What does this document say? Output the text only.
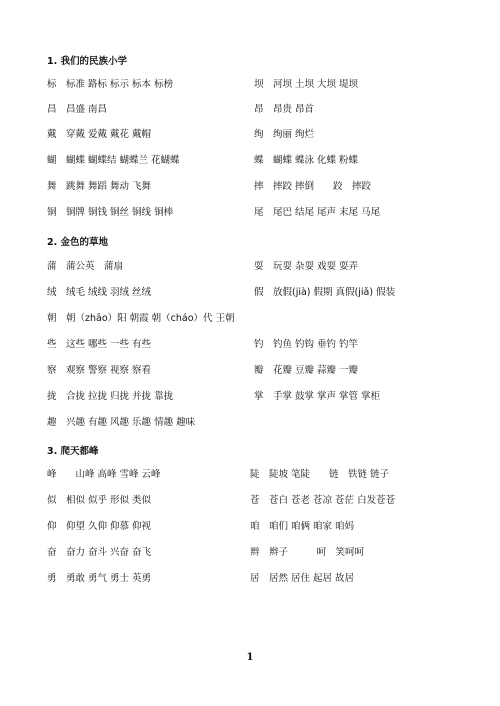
1. 我们的民族小学
标　标准 路标 标示 标本 标榜	坝　河坝 土坝 大坝 堤坝
昌　昌盛 南昌	昂　昂贵 昂首
戴　穿戴 爱戴 戴花 戴帽	绚　绚丽 绚烂
蝴　蝴蝶 蝴蝶结 蝴蝶兰 花蝴蝶	蝶　蝴蝶 蝶泳 化蝶 粉蝶
舞　跳舞 舞蹈 舞动 飞舞	摔　摔跤 摔倒　　跤　摔跤
铜　铜牌 铜钱 铜丝 铜线 铜棒	尾　尾巴 结尾 尾声 末尾 马尾
2. 金色的草地
蒲　蒲公英　蒲扇	耍　玩耍 杂耍 戏耍 耍弄
绒　绒毛 绒线 羽绒 丝绒	假　放假(jià) 假期 真假(jiǎ) 假装
朝　朝（zhāo）阳 朝霞 朝（cháo）代 王朝
些　这些 哪些 一些 有些	钓　钓鱼 钓钩 垂钓 钓竿
察　观察 警察 视察 察看	瓣　花瓣 豆瓣 蒜瓣 一瓣
拢　合拢 拉拢 归拢 并拢 靠拢	掌　手掌 鼓掌 掌声 掌管 掌柜
趣　兴趣 有趣 风趣 乐趣 情趣 趣味
3. 爬天都峰
峰　　山峰 高峰 雪峰 云峰	陡　陡坡 笔陡　　链　铁链 链子
似　相似 似乎 形似 类似	苍　苍白 苍老 苍凉 苍茫 白发苍苍
仰　仰望 久仰 仰慕 仰视	咱　咱们 咱俩 咱家 咱妈
奋　奋力 奋斗 兴奋 奋飞	辫　辫子　　　呵　笑呵呵
勇　勇敢 勇气 勇士 英勇	居　居然 居住 起居 故居
1
